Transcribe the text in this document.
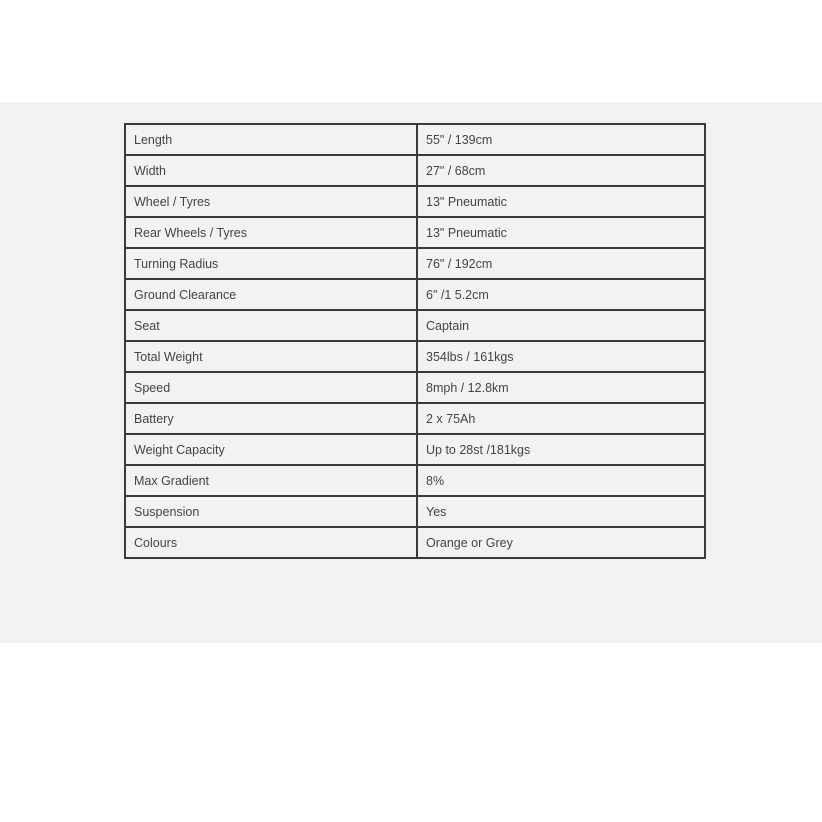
Length	55" / 139cm
Width	27" / 68cm
Wheel / Tyres	13" Pneumatic
Rear Wheels / Tyres	13" Pneumatic
Turning Radius	76" / 192cm
Ground Clearance	6" /1 5.2cm
Seat	Captain
Total Weight	354lbs / 161kgs
Speed	8mph / 12.8km
Battery	2 x 75Ah
Weight Capacity	Up to 28st /181kgs
Max Gradient	8%
Suspension	Yes
Colours	Orange or Grey
